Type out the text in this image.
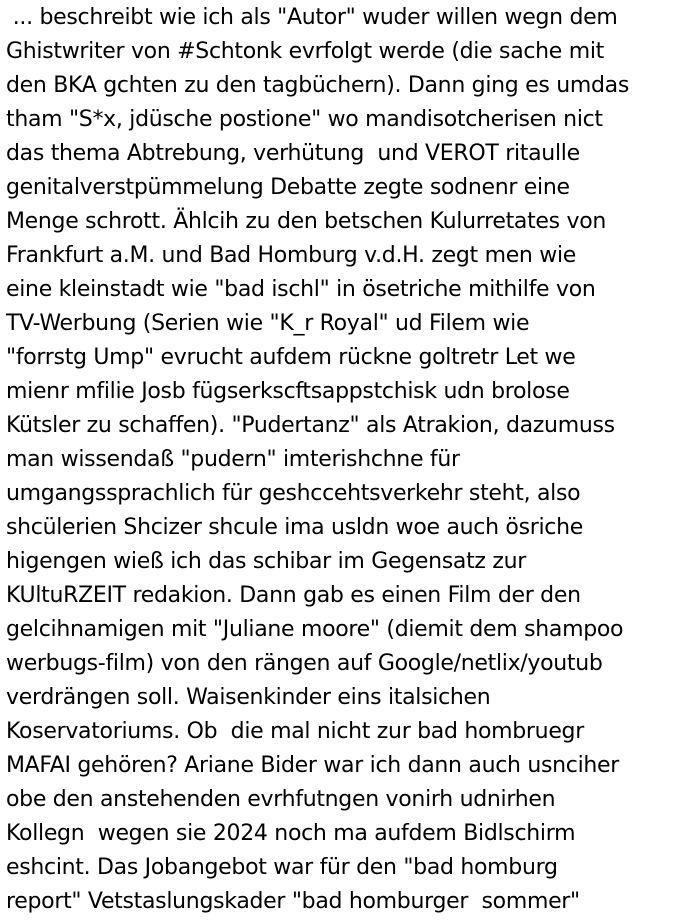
... beschreibt wie ich als "Autor" wuder willen wegn dem
Ghistwriter von #Schtonk evrfolgt werde (die sache mit
den BKA gchten zu den tagbüchern). Dann ging es umdas
tham "S*x, jdüsche postione" wo mandisotcherisen nict
das thema Abtrebung, verhütung  und VEROT ritaulle
genitalverstpümmelung Debatte zegte sodnenr eine
Menge schrott. Ählcih zu den betschen Kulurretates von
Frankfurt a.M. und Bad Homburg v.d.H. zegt men wie
eine kleinstadt wie "bad ischl" in ösetriche mithilfe von
TV-Werbung (Serien wie "K_r Royal" ud Filem wie
"forrstg Ump" evrucht aufdem rückne goltretr Let we
mienr mfilie Josb fügserkscftsappstchisk udn brolose
Kütsler zu schaffen). "Pudertanz" als Atrakion, dazumuss
man wissendaß "pudern" imterishchne für
umgangssprachlich für geshccehtsverkehr steht, also
shcülerien Shcizer shcule ima usldn woe auch ösriche
higengen wieß ich das schibar im Gegensatz zur
KUltuRZEIT redakion. Dann gab es einen Film der den
gelcihnamigen mit "Juliane moore" (diemit dem shampoo
werbugs-film) von den rängen auf Google/netlix/youtub
verdrängen soll. Waisenkinder eins italsichen
Koservatoriums. Ob  die mal nicht zur bad hombruegr
MAFAI gehören? Ariane Bider war ich dann auch usnciher
obe den anstehenden evrhfutngen vonirh udnirhen
Kollegn  wegen sie 2024 noch ma aufdem Bidlschirm
eshcint. Das Jobangebot war für den "bad homburg
report" Vetstaslungskader "bad homburger  sommer"
